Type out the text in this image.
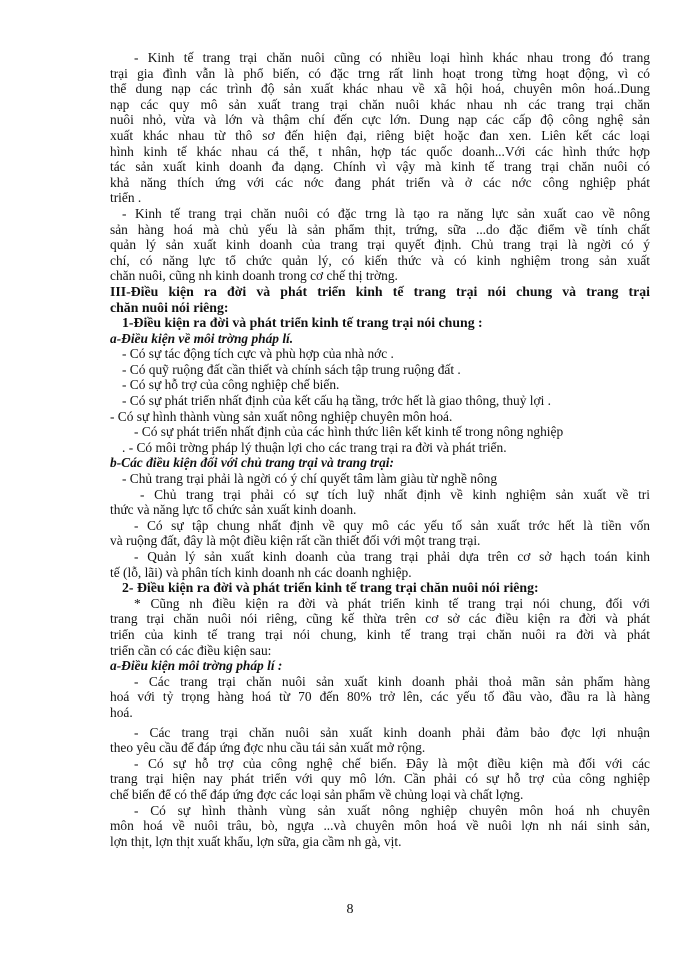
- Kinh tế trang trại chăn nuôi cũng có nhiều loại hình khác nhau trong đó trang
trại gia đình vẫn là phổ biến, có đặc trng rất linh hoạt trong từng hoạt động, vì có
thể dung nạp các trình độ sản xuất khác nhau về xã hội hoá, chuyên môn hoá..Dung
nạp các quy mô sản xuất trang trại chăn nuôi khác nhau nh các trang trại chăn
nuôi nhỏ, vừa và lớn và thậm chí đến cực lớn. Dung nạp các cấp độ công nghệ sản
xuất khác nhau từ thô sơ đến hiện đại, riêng biệt hoặc đan xen. Liên kết các loại
hình kinh tế khác nhau cá thể, t nhân, hợp tác quốc doanh...Với các hình thức hợp
tác sản xuất kinh doanh đa dạng. Chính vì vậy mà kinh tế trang trại chăn nuôi có
khả năng thích ứng với các nớc đang phát triển và ở các nớc công nghiệp phát
triển .
- Kinh tế trang trại chăn nuôi có đặc trng là tạo ra năng lực sản xuất cao về nông
sản hàng hoá mà chủ yếu là sản phẩm thịt, trứng, sữa ...do đặc điểm về tính chất
quản lý sản xuất kinh doanh của trang trại quyết định. Chủ trang trại là ngời có ý
chí, có năng lực tổ chức quản lý, có kiến thức và có kinh nghiệm trong sản xuất
chăn nuôi, cũng nh kinh doanh trong cơ chế thị trờng.
III-Điều kiện ra đời và phát triển kinh tế trang trại nói chung và trang trại
chăn nuôi nói riêng:
1-Điều kiện ra đời và phát triển kinh tế trang trại nói chung :
a-Điều kiện về môi trờng pháp lí.
- Có sự tác động tích cực và phù hợp của nhà nớc .
- Có quỹ ruộng đất cần thiết và chính sách tập trung ruộng đất .
- Có sự hỗ trợ của công nghiệp chế biến.
- Có sự phát triển nhất định của kết cấu hạ tầng, trớc hết là giao thông, thuỷ lợi .
- Có sự hình thành vùng sản xuất nông nghiệp chuyên môn hoá.
- Có sự phát triển nhất định của các hình thức liên kết kinh tế trong nông nghiệp
. - Có môi trờng pháp lý thuận lợi cho các trang trại ra đời và phát triển.
b-Các điều kiện đối với chủ trang trại và trang trại:
- Chủ trang trại phải là ngời có ý chí quyết tâm làm giàu từ nghề nông
- Chủ trang trại phải có sự tích luỹ nhất định về kinh nghiệm sản xuất về tri
thức và năng lực tổ chức sản xuất kinh doanh.
- Có sự tập chung nhất định về quy mô các yếu tố sản xuất trớc hết là tiền vốn
và ruộng đất, đây là một điều kiện rất cần thiết đối với một trang trại.
- Quản lý sản xuất kinh doanh của trang trại phải dựa trên cơ sở hạch toán kinh
tế (lỗ, lãi) và phân tích kinh doanh nh các doanh nghiệp.
2- Điều kiện ra đời và phát triển kinh tế trang trại chăn nuôi nói riêng:
* Cũng nh điều kiện ra đời và phát triển kinh tế trang trại nói chung, đối với
trang trại chăn nuôi nói riêng, cũng kế thừa trên cơ sở các điều kiện ra đời và phát
triển của kinh tế trang trại nói chung, kinh tế trang trại chăn nuôi ra đời và phát
triển cần có các điều kiện sau:
a-Điều kiện môi trờng pháp lí :
- Các trang trại chăn nuôi sản xuất kinh doanh phải thoả mãn sản phẩm hàng
hoá với tỷ trọng hàng hoá từ 70 đến 80% trở lên, các yếu tố đầu vào, đầu ra là hàng
hoá.
- Các trang trại chăn nuôi sản xuất kinh doanh phải đảm bảo đợc lợi nhuận
theo yêu cầu để đáp ứng đợc nhu cầu tái sản xuất mở rộng.
- Có sự hỗ trợ của công nghệ chế biến. Đây là một điều kiện mà đối với các
trang trại hiện nay phát triển với quy mô lớn. Cần phải có sự hỗ trợ của công nghiệp
chế biến để có thể đáp ứng đợc các loại sản phẩm về chủng loại và chất lợng.
- Có sự hình thành vùng sản xuất nông nghiệp chuyên môn hoá nh chuyên
môn hoá về nuôi trâu, bò, ngựa ...và chuyên môn hoá về nuôi lợn nh nái sinh sản,
lợn thịt, lợn thịt xuất khẩu, lợn sữa, gia cầm nh gà, vịt.
8
